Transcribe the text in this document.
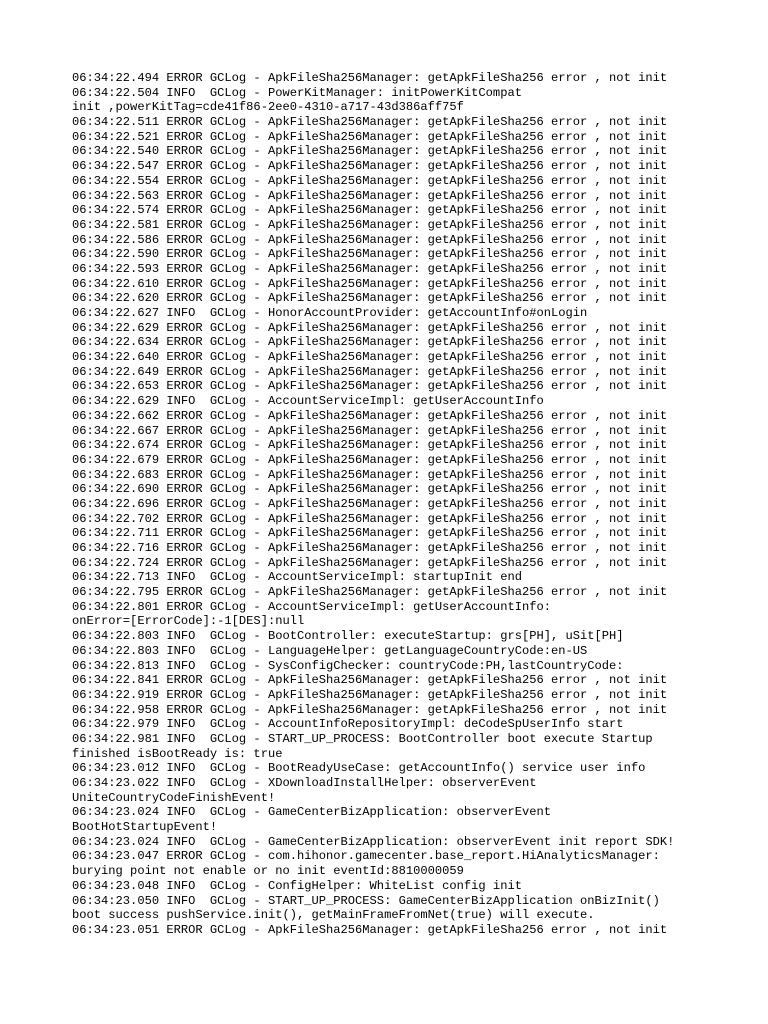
06:34:22.494 ERROR GCLog - ApkFileSha256Manager: getApkFileSha256 error , not init
06:34:22.504 INFO  GCLog - PowerKitManager: initPowerKitCompat
init ,powerKitTag=cde41f86-2ee0-4310-a717-43d386aff75f
06:34:22.511 ERROR GCLog - ApkFileSha256Manager: getApkFileSha256 error , not init
06:34:22.521 ERROR GCLog - ApkFileSha256Manager: getApkFileSha256 error , not init
06:34:22.540 ERROR GCLog - ApkFileSha256Manager: getApkFileSha256 error , not init
06:34:22.547 ERROR GCLog - ApkFileSha256Manager: getApkFileSha256 error , not init
06:34:22.554 ERROR GCLog - ApkFileSha256Manager: getApkFileSha256 error , not init
06:34:22.563 ERROR GCLog - ApkFileSha256Manager: getApkFileSha256 error , not init
06:34:22.574 ERROR GCLog - ApkFileSha256Manager: getApkFileSha256 error , not init
06:34:22.581 ERROR GCLog - ApkFileSha256Manager: getApkFileSha256 error , not init
06:34:22.586 ERROR GCLog - ApkFileSha256Manager: getApkFileSha256 error , not init
06:34:22.590 ERROR GCLog - ApkFileSha256Manager: getApkFileSha256 error , not init
06:34:22.593 ERROR GCLog - ApkFileSha256Manager: getApkFileSha256 error , not init
06:34:22.610 ERROR GCLog - ApkFileSha256Manager: getApkFileSha256 error , not init
06:34:22.620 ERROR GCLog - ApkFileSha256Manager: getApkFileSha256 error , not init
06:34:22.627 INFO  GCLog - HonorAccountProvider: getAccountInfo#onLogin
06:34:22.629 ERROR GCLog - ApkFileSha256Manager: getApkFileSha256 error , not init
06:34:22.634 ERROR GCLog - ApkFileSha256Manager: getApkFileSha256 error , not init
06:34:22.640 ERROR GCLog - ApkFileSha256Manager: getApkFileSha256 error , not init
06:34:22.649 ERROR GCLog - ApkFileSha256Manager: getApkFileSha256 error , not init
06:34:22.653 ERROR GCLog - ApkFileSha256Manager: getApkFileSha256 error , not init
06:34:22.629 INFO  GCLog - AccountServiceImpl: getUserAccountInfo
06:34:22.662 ERROR GCLog - ApkFileSha256Manager: getApkFileSha256 error , not init
06:34:22.667 ERROR GCLog - ApkFileSha256Manager: getApkFileSha256 error , not init
06:34:22.674 ERROR GCLog - ApkFileSha256Manager: getApkFileSha256 error , not init
06:34:22.679 ERROR GCLog - ApkFileSha256Manager: getApkFileSha256 error , not init
06:34:22.683 ERROR GCLog - ApkFileSha256Manager: getApkFileSha256 error , not init
06:34:22.690 ERROR GCLog - ApkFileSha256Manager: getApkFileSha256 error , not init
06:34:22.696 ERROR GCLog - ApkFileSha256Manager: getApkFileSha256 error , not init
06:34:22.702 ERROR GCLog - ApkFileSha256Manager: getApkFileSha256 error , not init
06:34:22.711 ERROR GCLog - ApkFileSha256Manager: getApkFileSha256 error , not init
06:34:22.716 ERROR GCLog - ApkFileSha256Manager: getApkFileSha256 error , not init
06:34:22.724 ERROR GCLog - ApkFileSha256Manager: getApkFileSha256 error , not init
06:34:22.713 INFO  GCLog - AccountServiceImpl: startupInit end
06:34:22.795 ERROR GCLog - ApkFileSha256Manager: getApkFileSha256 error , not init
06:34:22.801 ERROR GCLog - AccountServiceImpl: getUserAccountInfo:
onError=[ErrorCode]:-1[DES]:null
06:34:22.803 INFO  GCLog - BootController: executeStartup: grs[PH], uSit[PH]
06:34:22.803 INFO  GCLog - LanguageHelper: getLanguageCountryCode:en-US
06:34:22.813 INFO  GCLog - SysConfigChecker: countryCode:PH,lastCountryCode:
06:34:22.841 ERROR GCLog - ApkFileSha256Manager: getApkFileSha256 error , not init
06:34:22.919 ERROR GCLog - ApkFileSha256Manager: getApkFileSha256 error , not init
06:34:22.958 ERROR GCLog - ApkFileSha256Manager: getApkFileSha256 error , not init
06:34:22.979 INFO  GCLog - AccountInfoRepositoryImpl: deCodeSpUserInfo start
06:34:22.981 INFO  GCLog - START_UP_PROCESS: BootController boot execute Startup
finished isBootReady is: true
06:34:23.012 INFO  GCLog - BootReadyUseCase: getAccountInfo() service user info
06:34:23.022 INFO  GCLog - XDownloadInstallHelper: observerEvent
UniteCountryCodeFinishEvent!
06:34:23.024 INFO  GCLog - GameCenterBizApplication: observerEvent
BootHotStartupEvent!
06:34:23.024 INFO  GCLog - GameCenterBizApplication: observerEvent init report SDK!
06:34:23.047 ERROR GCLog - com.hihonor.gamecenter.base_report.HiAnalyticsManager:
burying point not enable or no init eventId:8810000059
06:34:23.048 INFO  GCLog - ConfigHelper: WhiteList config init
06:34:23.050 INFO  GCLog - START_UP_PROCESS: GameCenterBizApplication onBizInit()
boot success pushService.init(), getMainFrameFromNet(true) will execute.
06:34:23.051 ERROR GCLog - ApkFileSha256Manager: getApkFileSha256 error , not init
